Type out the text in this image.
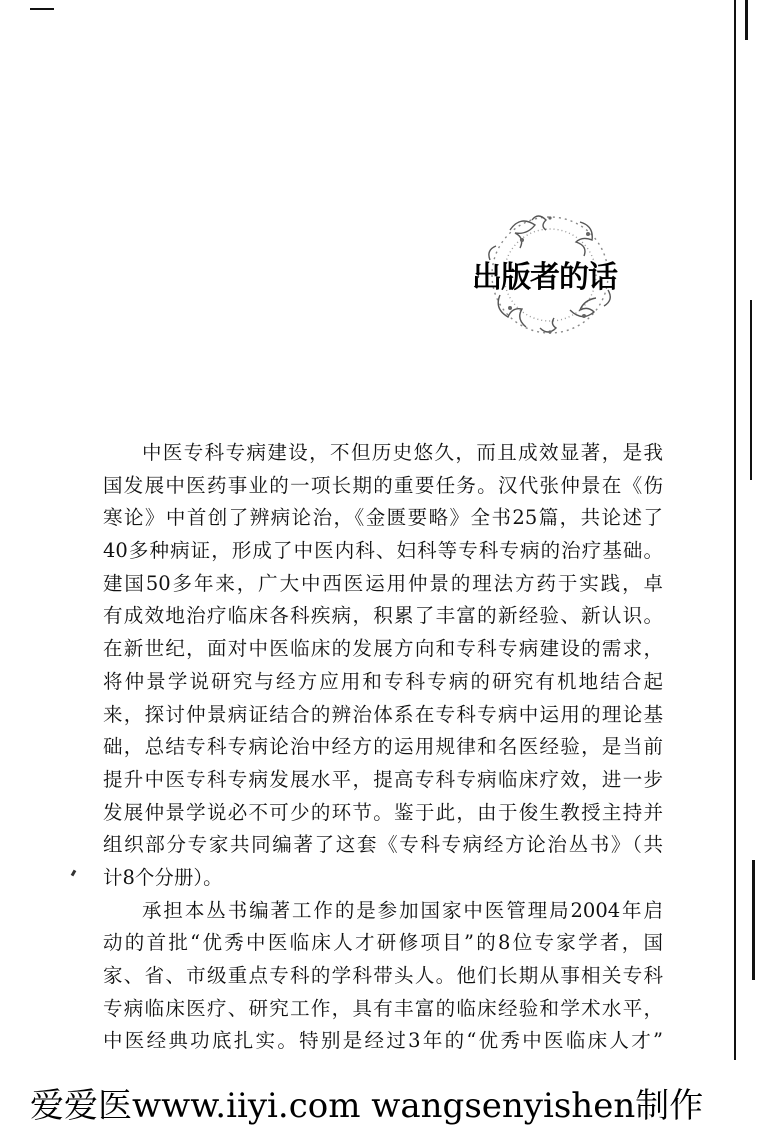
出版者的话
中医专科专病建设，不但历史悠久，而且成效显著，是我
国发展中医药事业的一项长期的重要任务。汉代张仲景在《伤
寒论》中首创了辨病论治，《金匮要略》全书25篇，共论述了
40多种病证，形成了中医内科、妇科等专科专病的治疗基础。
建国50多年来，广大中西医运用仲景的理法方药于实践，卓
有成效地治疗临床各科疾病，积累了丰富的新经验、新认识。
在新世纪，面对中医临床的发展方向和专科专病建设的需求，
将仲景学说研究与经方应用和专科专病的研究有机地结合起
来，探讨仲景病证结合的辨治体系在专科专病中运用的理论基
础，总结专科专病论治中经方的运用规律和名医经验，是当前
提升中医专科专病发展水平，提高专科专病临床疗效，进一步
发展仲景学说必不可少的环节。鉴于此，由于俊生教授主持并
组织部分专家共同编著了这套《专科专病经方论治丛书》（共
计8个分册）。
承担本丛书编著工作的是参加国家中医管理局2004年启
动的首批“优秀中医临床人才研修项目”的8位专家学者，国
家、省、市级重点专科的学科带头人。他们长期从事相关专科
专病临床医疗、研究工作，具有丰富的临床经验和学术水平，
中医经典功底扎实。特别是经过3年的“优秀中医临床人才”
爱爱医www.iiyi.com wangsenyishen制作
